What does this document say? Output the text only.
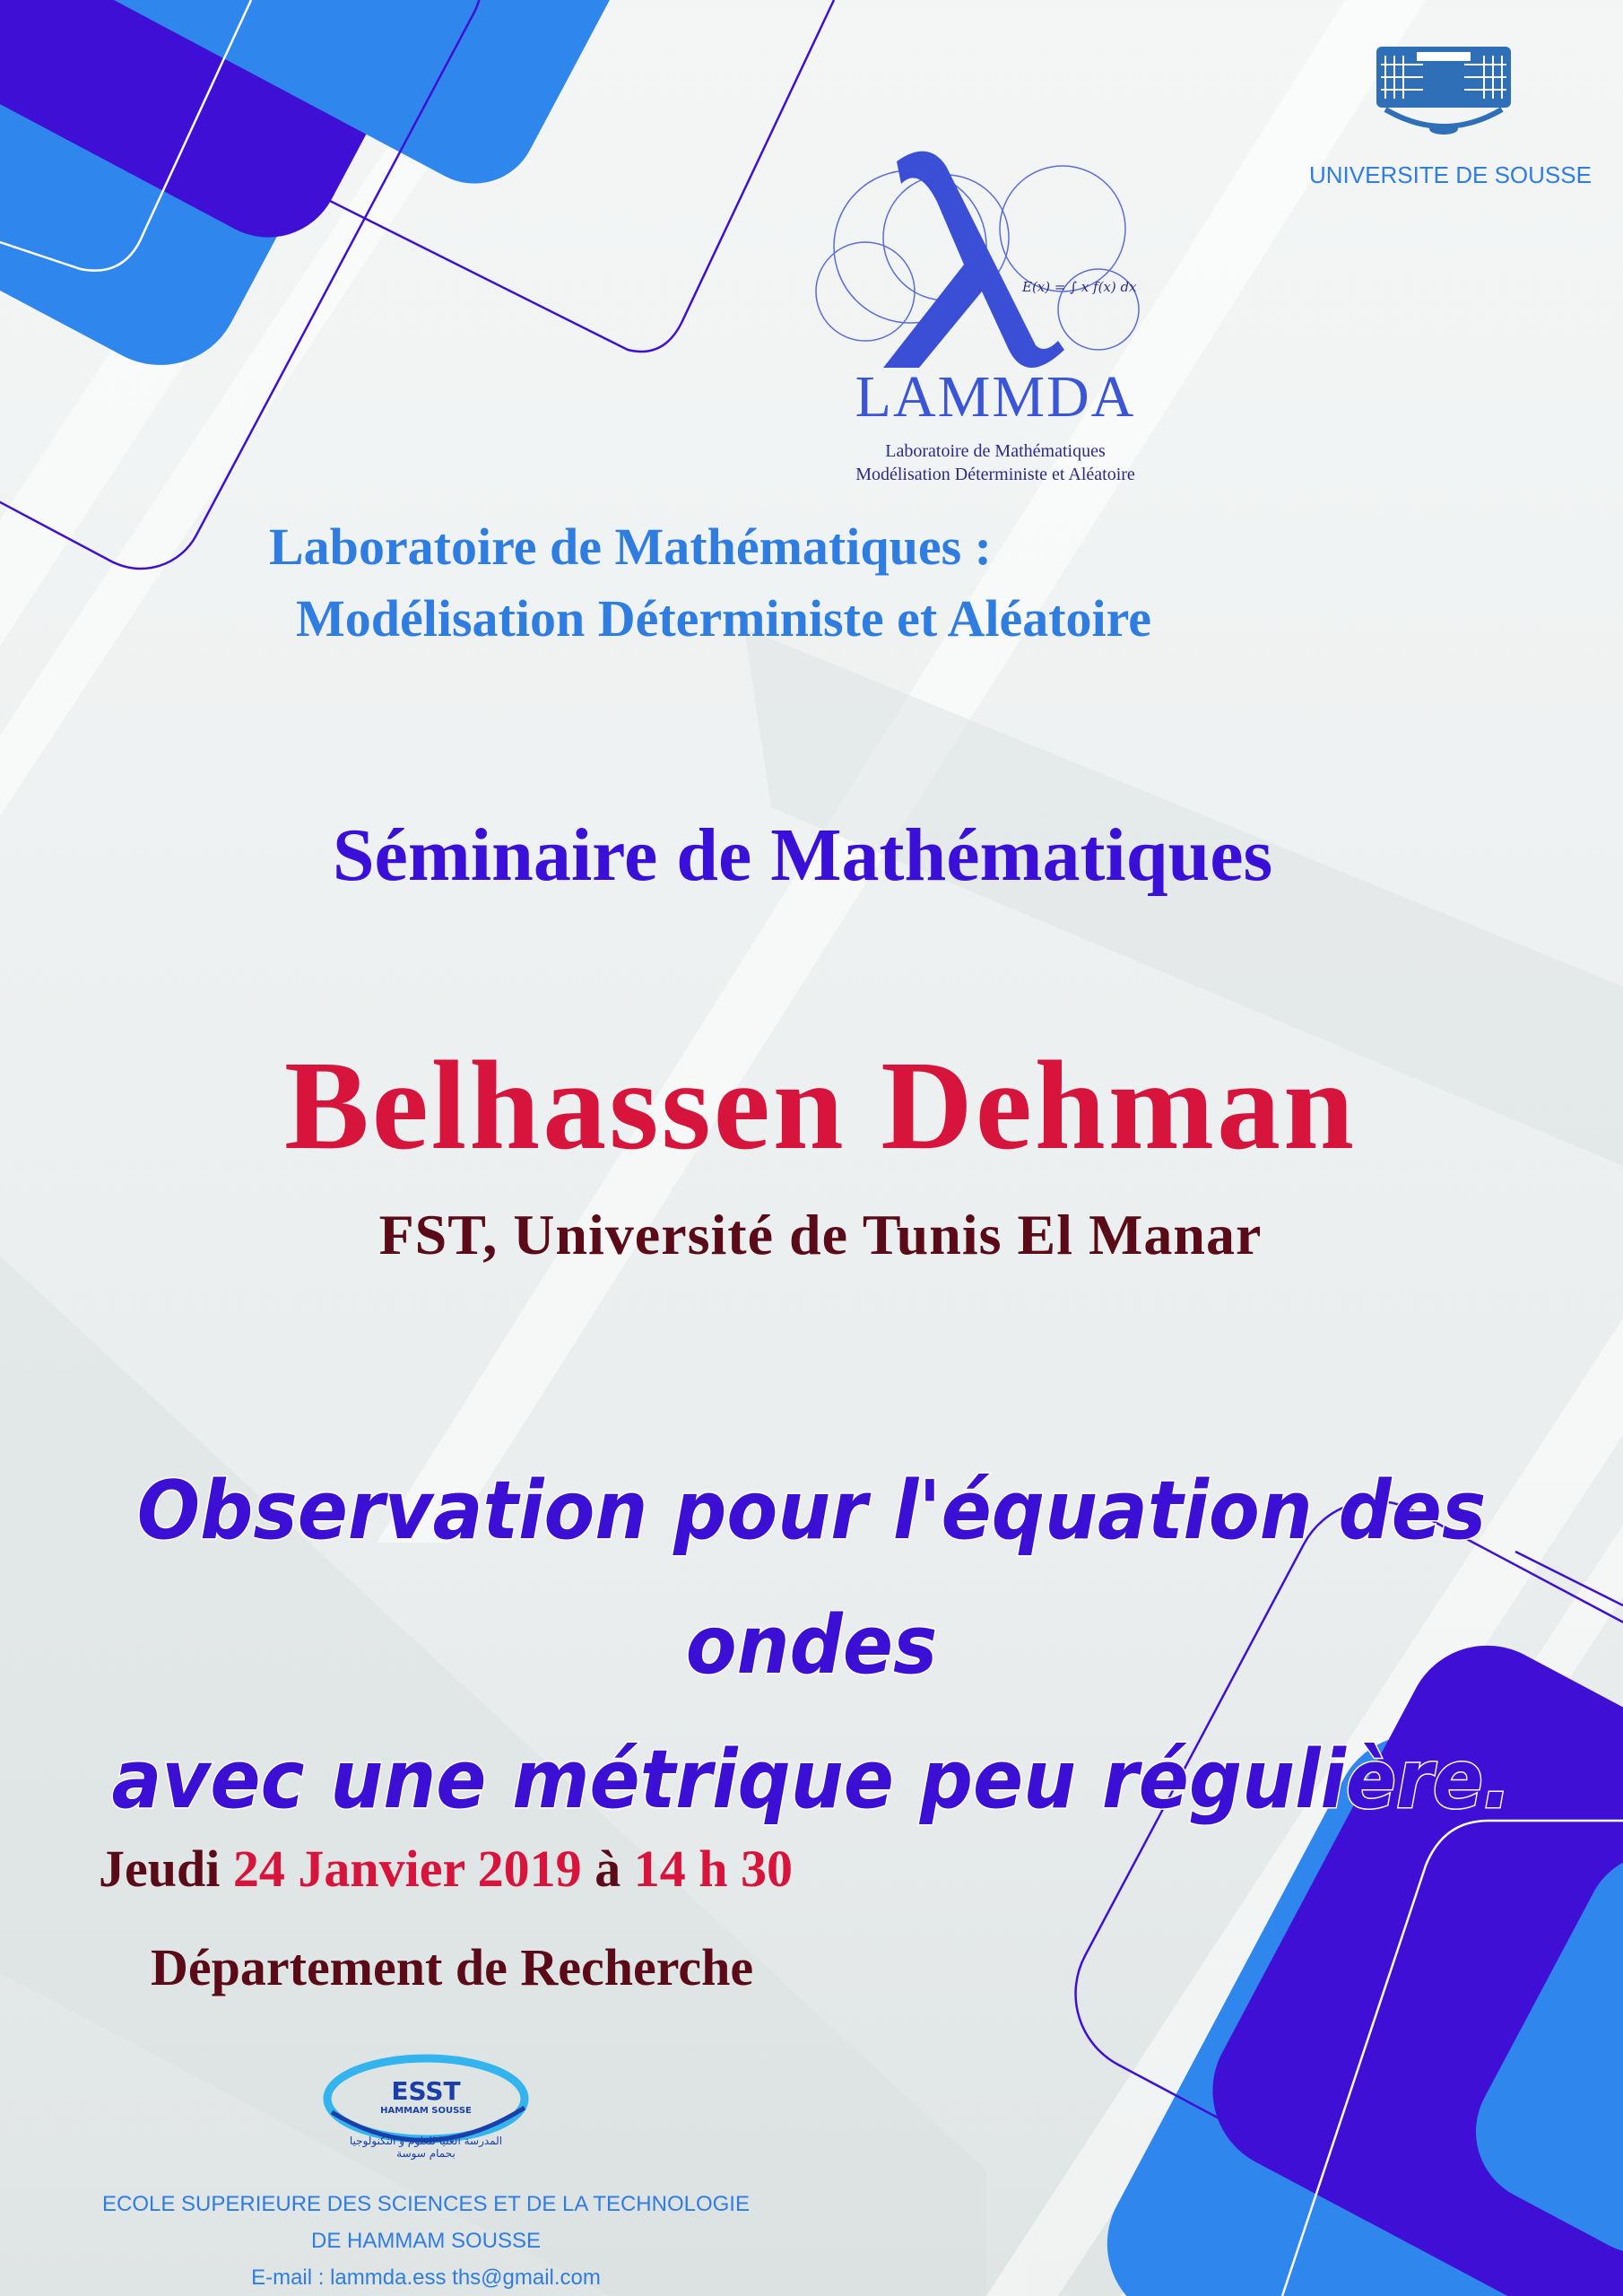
UNIVERSITE DE SOUSSE
E(x) = ∫ x f(x) dx
LAMMDA
Laboratoire de Mathématiques
Modélisation Déterministe et Aléatoire
Laboratoire de Mathématiques :
Modélisation Déterministe et Aléatoire
Séminaire de Mathématiques
Belhassen Dehman
FST, Université de Tunis El Manar
Observation pour l'équation des ondes
avec une métrique peu régulière.
Jeudi 24 Janvier 2019 à 14 h 30
Département de Recherche
ESST
HAMMAM SOUSSE
المدرسة العليا للعلوم و التكنولوجيا بحمام سوسة
ECOLE SUPERIEURE DES SCIENCES ET DE LA TECHNOLOGIE
DE HAMMAM SOUSSE
E-mail : lammda.ess ths@gmail.com
